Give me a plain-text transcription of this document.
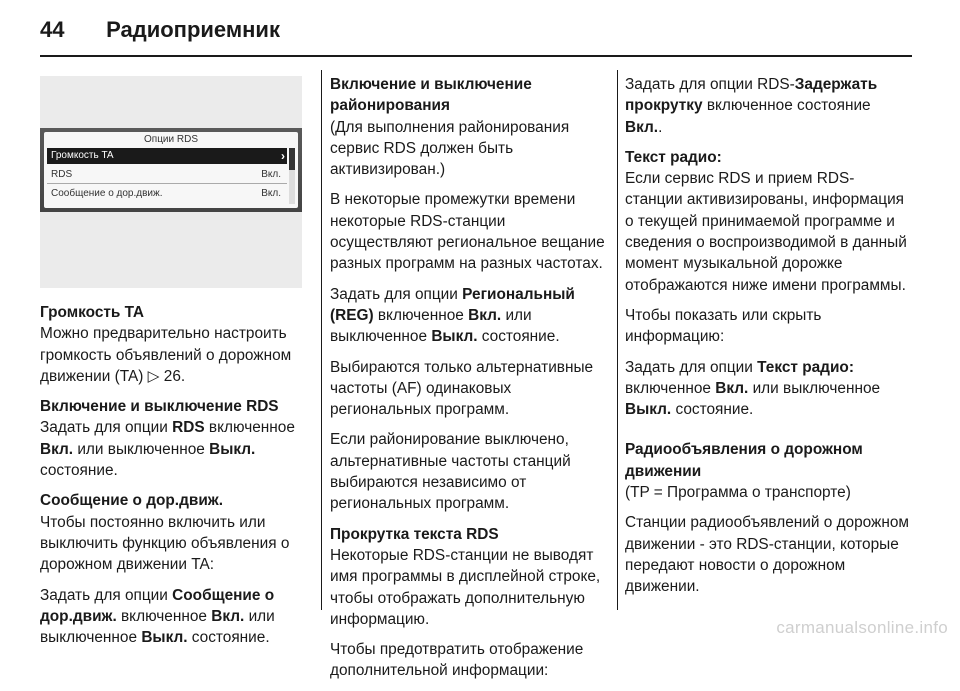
44 Радиоприемник
Опции RDS
Громкость TA	›
RDS	Вкл.
Сообщение о дор.движ.	Вкл.
Громкость TA

Можно предварительно настроить громкость объявлений о дорожном движении (TA) ▷ 26.

Включение и выключение RDS

Задать для опции RDS включенное Вкл. или выключенное Выкл. состояние.

Сообщение о дор.движ.

Чтобы постоянно включить или выключить функцию объявления о дорожном движении TA:

Задать для опции Сообщение о дор.движ. включенное Вкл. или выключенное Выкл. состояние.

Включение и выключение районирования

(Для выполнения районирования сервис RDS должен быть активизирован.)

В некоторые промежутки времени некоторые RDS-станции осуществляют региональное вещание разных программ на разных частотах.

Задать для опции Региональный (REG) включенное Вкл. или выключенное Выкл. состояние.

Выбираются только альтернативные частоты (AF) одинаковых региональных программ.

Если районирование выключено, альтернативные частоты станций выбираются независимо от региональных программ.

Прокрутка текста RDS

Некоторые RDS-станции не выводят имя программы в дисплейной строке, чтобы отображать дополнительную информацию.

Чтобы предотвратить отображение дополнительной информации:

Задать для опции RDS-Задержать прокрутку включенное состояние Вкл..

Текст радио:

Если сервис RDS и прием RDS-станции активизированы, информация о текущей принимаемой программе и сведения о воспроизводимой в данный момент музыкальной дорожке отображаются ниже имени программы.

Чтобы показать или скрыть информацию:

Задать для опции Текст радио: включенное Вкл. или выключенное Выкл. состояние.

Радиообъявления о дорожном движении

(TP = Программа о транспорте)

Станции радиообъявлений о дорожном движении - это RDS-станции, которые передают новости о дорожном движении.

carmanualsonline.info
